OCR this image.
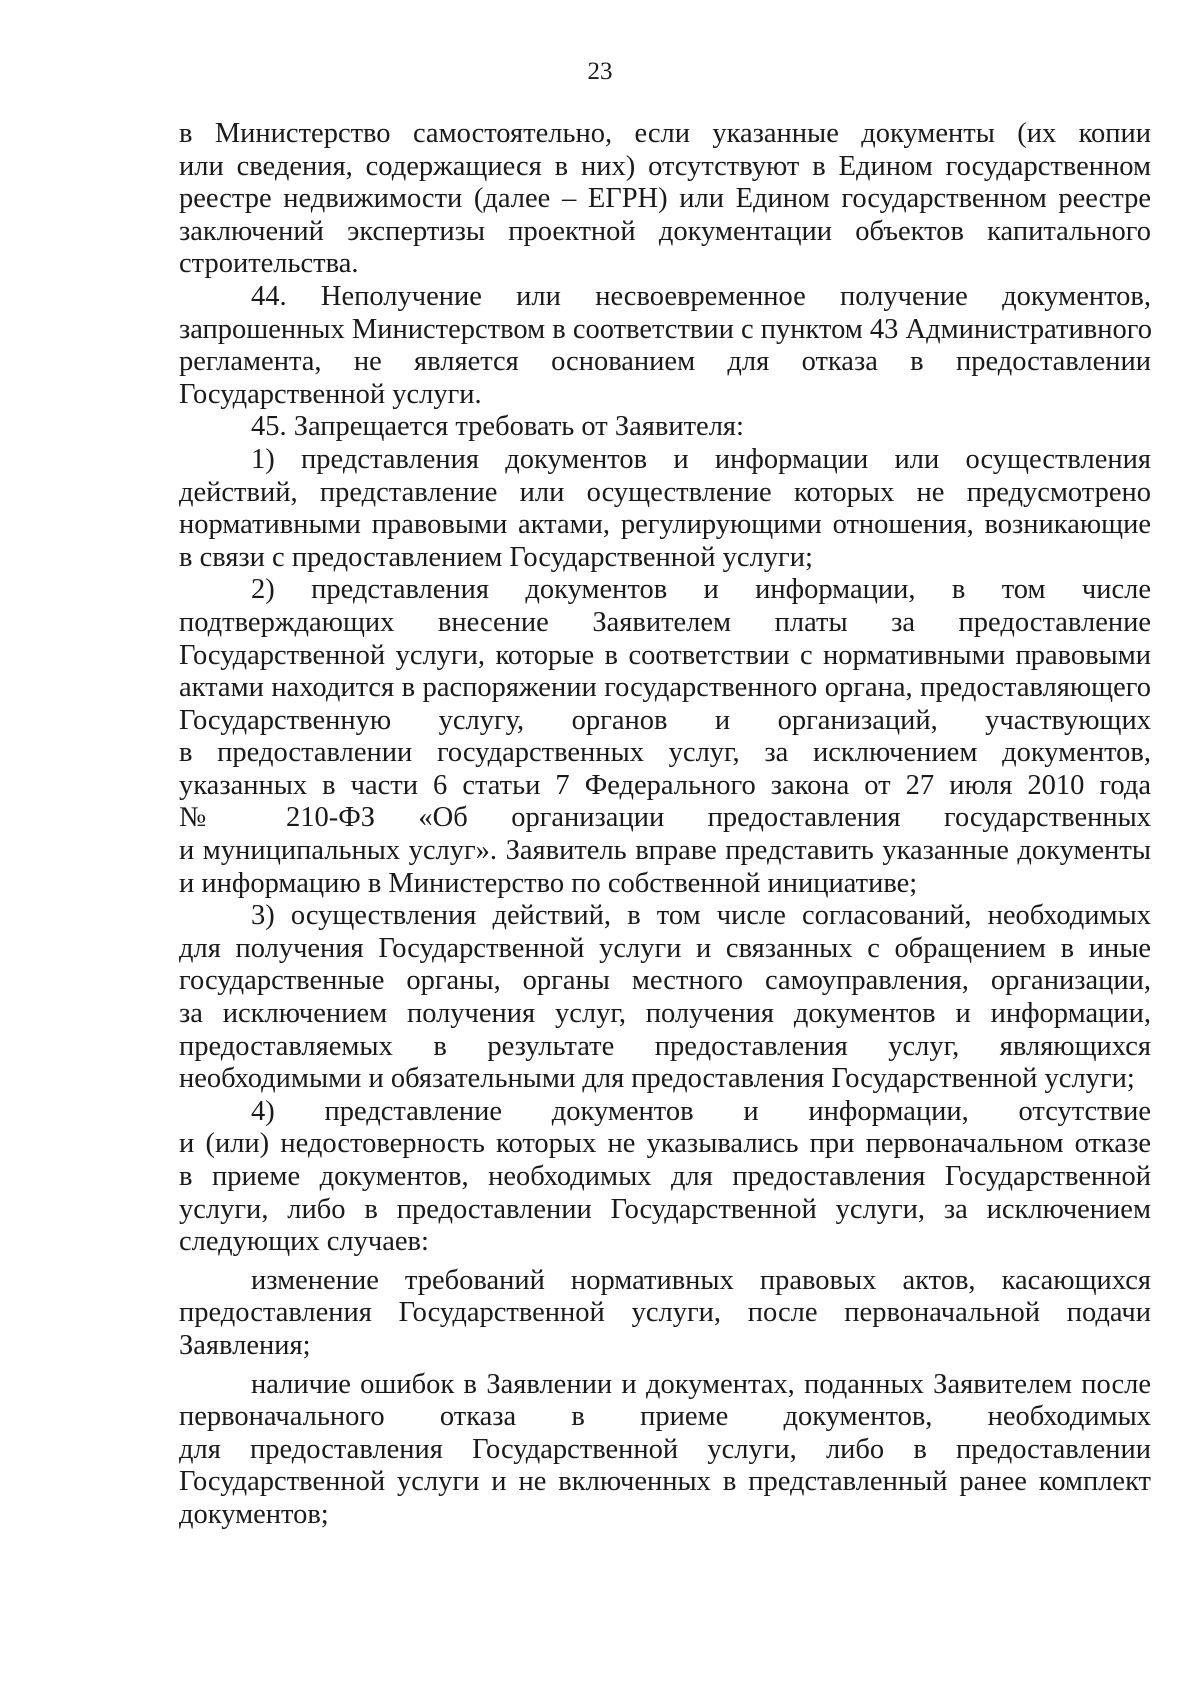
23
в Министерство самостоятельно, если указанные документы (их копии
или сведения, содержащиеся в них) отсутствуют в Едином государственном
реестре недвижимости (далее – ЕГРН) или Едином государственном реестре
заключений экспертизы проектной документации объектов капитального
строительства.
44. Неполучение или несвоевременное получение документов,
запрошенных Министерством в соответствии с пунктом 43 Административного
регламента, не является основанием для отказа в предоставлении
Государственной услуги.
45. Запрещается требовать от Заявителя:
1) представления документов и информации или осуществления
действий, представление или осуществление которых не предусмотрено
нормативными правовыми актами, регулирующими отношения, возникающие
в связи с предоставлением Государственной услуги;
2) представления документов и информации, в том числе
подтверждающих внесение Заявителем платы за предоставление
Государственной услуги, которые в соответствии с нормативными правовыми
актами находится в распоряжении государственного органа, предоставляющего
Государственную услугу, органов и организаций, участвующих
в предоставлении государственных услуг, за исключением документов,
указанных в части 6 статьи 7 Федерального закона от 27 июля 2010 года
№ 210-ФЗ «Об организации предоставления государственных
и муниципальных услуг». Заявитель вправе представить указанные документы
и информацию в Министерство по собственной инициативе;
3) осуществления действий, в том числе согласований, необходимых
для получения Государственной услуги и связанных с обращением в иные
государственные органы, органы местного самоуправления, организации,
за исключением получения услуг, получения документов и информации,
предоставляемых в результате предоставления услуг, являющихся
необходимыми и обязательными для предоставления Государственной услуги;
4) представление документов и информации, отсутствие
и (или) недостоверность которых не указывались при первоначальном отказе
в приеме документов, необходимых для предоставления Государственной
услуги, либо в предоставлении Государственной услуги, за исключением
следующих случаев:
изменение требований нормативных правовых актов, касающихся
предоставления Государственной услуги, после первоначальной подачи
Заявления;
наличие ошибок в Заявлении и документах, поданных Заявителем после
первоначального отказа в приеме документов, необходимых
для предоставления Государственной услуги, либо в предоставлении
Государственной услуги и не включенных в представленный ранее комплект
документов;
